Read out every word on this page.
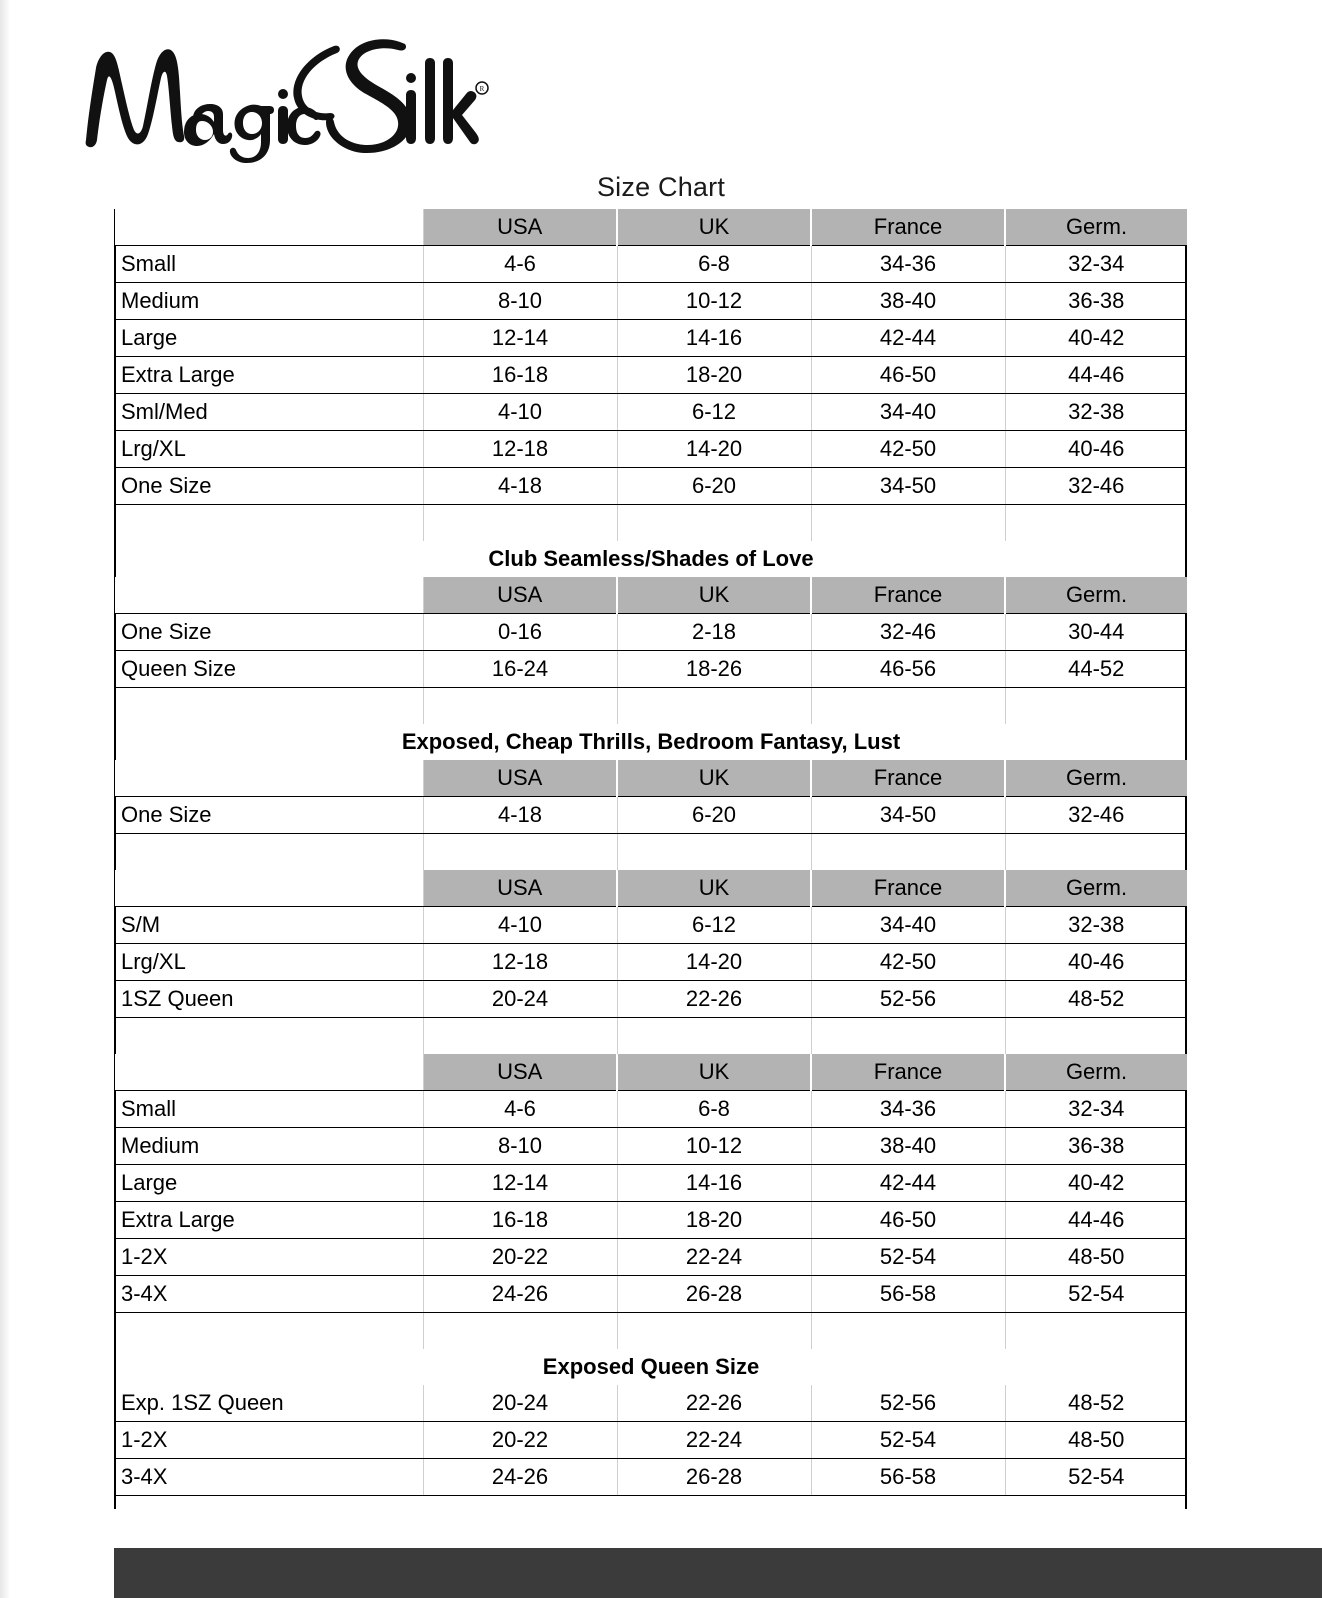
R
Size Chart
	USA	UK	France	Germ.
Small	4-6	6-8	34-36	32-34
Medium	8-10	10-12	38-40	36-38
Large	12-14	14-16	42-44	40-42
Extra Large	16-18	18-20	46-50	44-46
Sml/Med	4-10	6-12	34-40	32-38
Lrg/XL	12-18	14-20	42-50	40-46
One Size	4-18	6-20	34-50	32-46

Club Seamless/Shades of Love				
	USA	UK	France	Germ.
One Size	0-16	2-18	32-46	30-44
Queen Size	16-24	18-26	46-56	44-52

Exposed, Cheap Thrills, Bedroom Fantasy, Lust				
	USA	UK	France	Germ.
One Size	4-18	6-20	34-50	32-46

	USA	UK	France	Germ.
S/M	4-10	6-12	34-40	32-38
Lrg/XL	12-18	14-20	42-50	40-46
1SZ Queen	20-24	22-26	52-56	48-52

	USA	UK	France	Germ.
Small	4-6	6-8	34-36	32-34
Medium	8-10	10-12	38-40	36-38
Large	12-14	14-16	42-44	40-42
Extra Large	16-18	18-20	46-50	44-46
1-2X	20-22	22-24	52-54	48-50
3-4X	24-26	26-28	56-58	52-54

Exposed Queen Size				
Exp. 1SZ Queen	20-24	22-26	52-56	48-52
1-2X	20-22	22-24	52-54	48-50
3-4X	24-26	26-28	56-58	52-54
